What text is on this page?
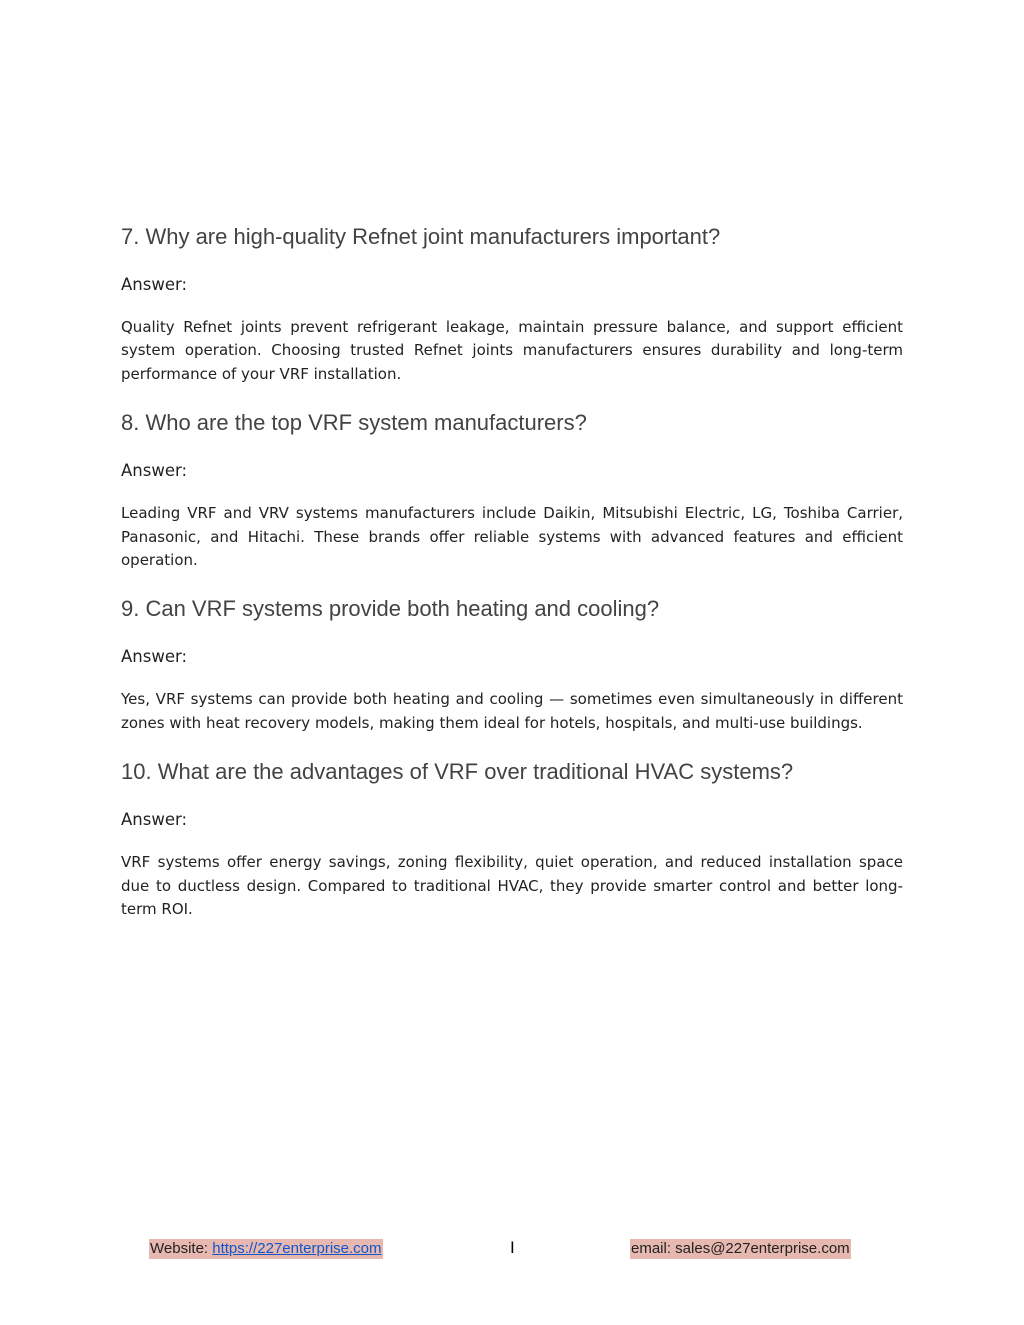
7. Why are high-quality Refnet joint manufacturers important?

Answer:

Quality Refnet joints prevent refrigerant leakage, maintain pressure balance, and support efficient system operation. Choosing trusted Refnet joints manufacturers ensures durability and long-term performance of your VRF installation.

8. Who are the top VRF system manufacturers?

Answer:

Leading VRF and VRV systems manufacturers include Daikin, Mitsubishi Electric, LG, Toshiba Carrier, Panasonic, and Hitachi. These brands offer reliable systems with advanced features and efficient operation.

9. Can VRF systems provide both heating and cooling?

Answer:

Yes, VRF systems can provide both heating and cooling — sometimes even simultaneously in different zones with heat recovery models, making them ideal for hotels, hospitals, and multi-use buildings.

10. What are the advantages of VRF over traditional HVAC systems?

Answer:

VRF systems offer energy savings, zoning flexibility, quiet operation, and reduced installation space due to ductless design. Compared to traditional HVAC, they provide smarter control and better long-term ROI.

Website: https://227enterprise.com	I	email: sales@227enterprise.com
